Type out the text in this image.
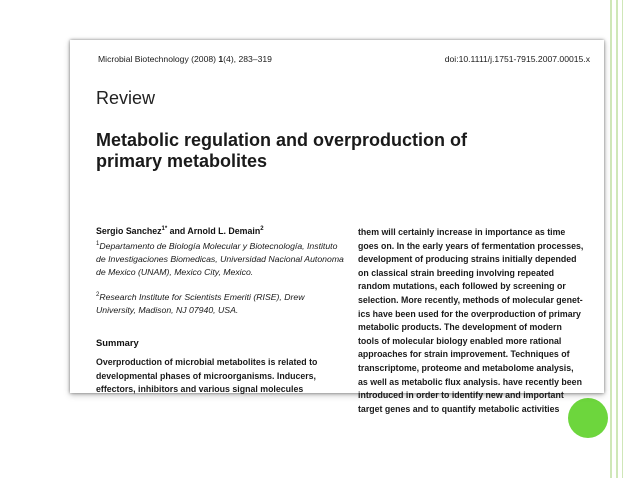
Microbial Biotechnology (2008) 1(4), 283–319	doi:10.1111/j.1751-7915.2007.00015.x
Review
Metabolic regulation and overproduction of
primary metabolites
Sergio Sanchez$^{1*}$ and Arnold L. Demain$^2$
$^1$Departamento de Biología Molecular y Biotecnología, Instituto de Investigaciones Biomedicas, Universidad Nacional Autonoma de Mexico (UNAM), Mexico City, Mexico.
$^2$Research Institute for Scientists Emeriti (RISE), Drew University, Madison, NJ 07940, USA.
Summary
Overproduction of microbial metabolites is related to
developmental phases of microorganisms. Inducers,
effectors, inhibitors and various signal molecules
them will certainly increase in importance as time
goes on. In the early years of fermentation processes,
development of producing strains initially depended
on classical strain breeding involving repeated
random mutations, each followed by screening or
selection. More recently, methods of molecular genet-
ics have been used for the overproduction of primary
metabolic products. The development of modern
tools of molecular biology enabled more rational
approaches for strain improvement. Techniques of
transcriptome, proteome and metabolome analysis,
as well as metabolic flux analysis. have recently been
introduced in order to identify new and important
target genes and to quantify metabolic activities
